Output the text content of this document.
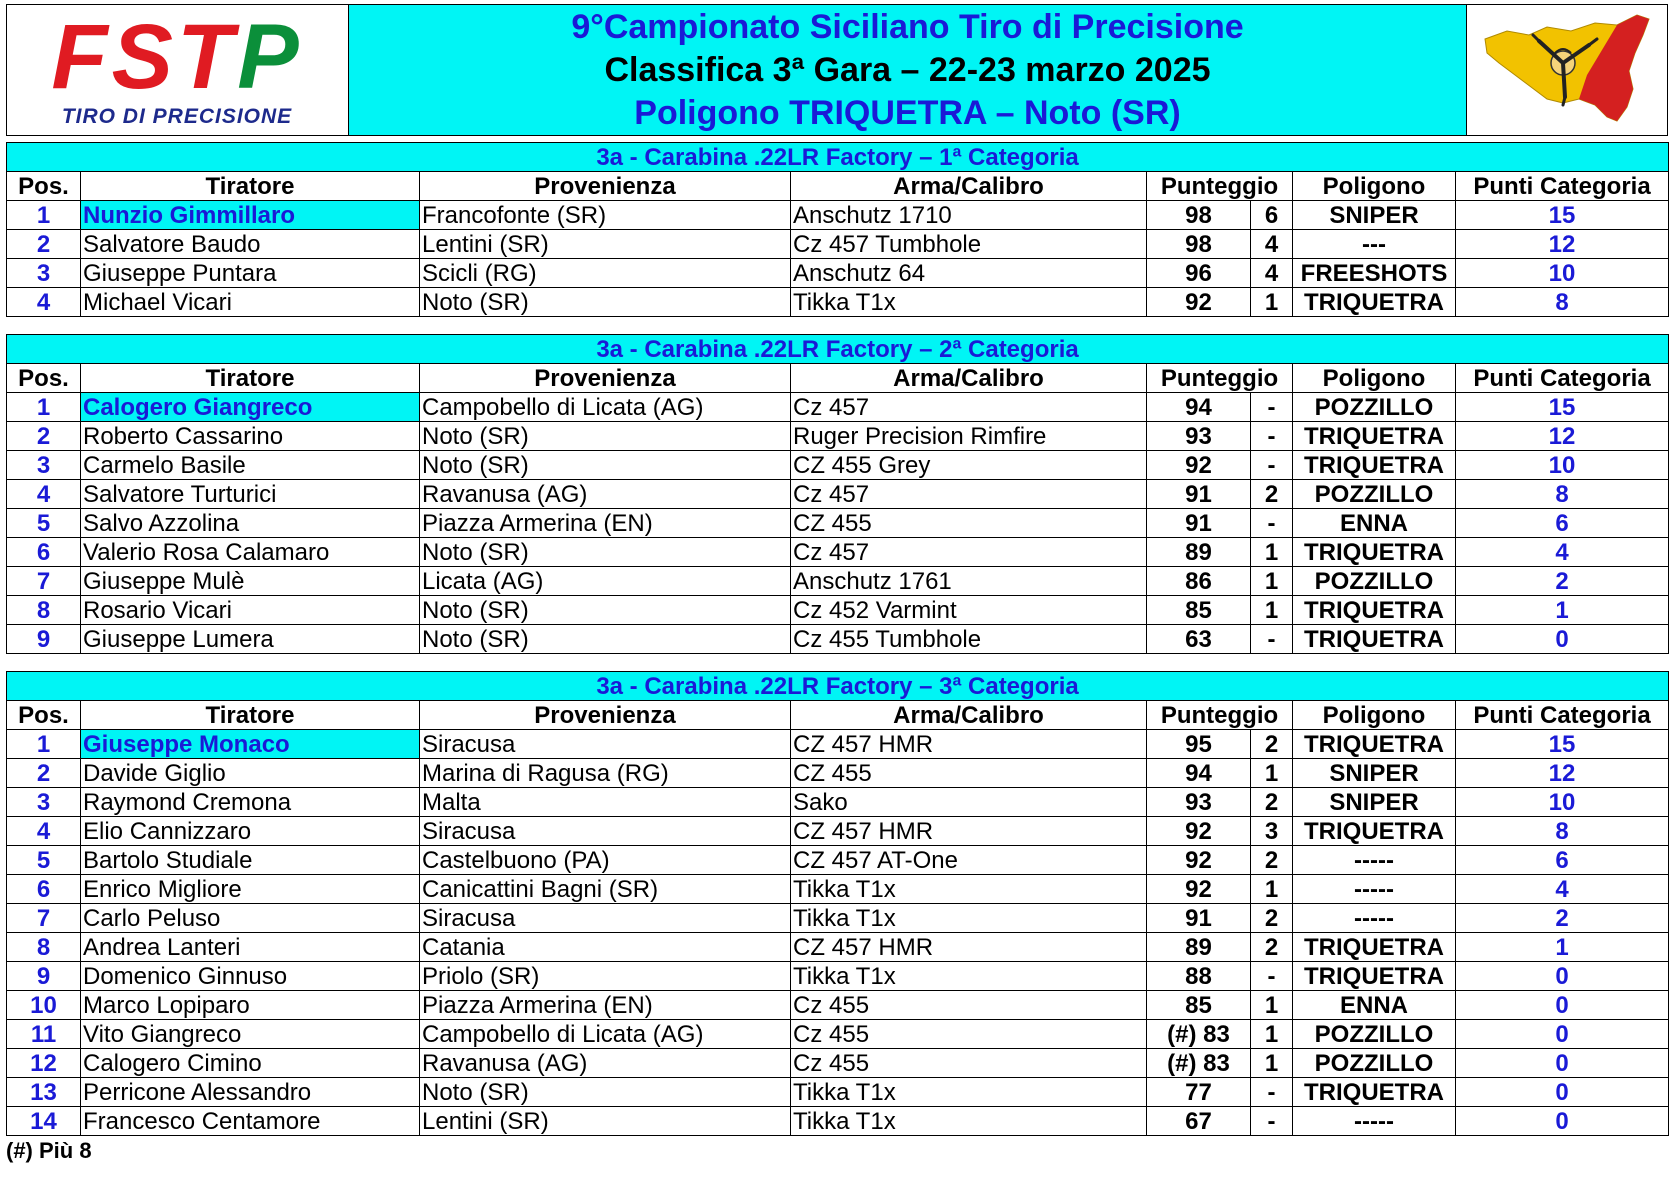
FSTP
TIRO DI PRECISIONE
9°Campionato Siciliano Tiro di Precisione
Classifica 3ª Gara – 22-23 marzo 2025
Poligono TRIQUETRA – Noto (SR)
3a - Carabina .22LR Factory – 1ª Categoria							
Pos.	Tiratore	Provenienza	Arma/Calibro	Punteggio		Poligono	Punti Categoria
1	Nunzio Gimmillaro	Francofonte (SR)	Anschutz 1710	98	6	SNIPER	15
2	Salvatore Baudo	Lentini (SR)	Cz 457 Tumbhole	98	4	---	12
3	Giuseppe Puntara	Scicli (RG)	Anschutz 64	96	4	FREESHOTS	10
4	Michael Vicari	Noto (SR)	Tikka T1x	92	1	TRIQUETRA	8
3a - Carabina .22LR Factory – 2ª Categoria							
Pos.	Tiratore	Provenienza	Arma/Calibro	Punteggio		Poligono	Punti Categoria
1	Calogero Giangreco	Campobello di Licata (AG)	Cz 457	94	-	POZZILLO	15
2	Roberto Cassarino	Noto (SR)	Ruger Precision Rimfire	93	-	TRIQUETRA	12
3	Carmelo Basile	Noto (SR)	CZ 455 Grey	92	-	TRIQUETRA	10
4	Salvatore Turturici	Ravanusa (AG)	Cz 457	91	2	POZZILLO	8
5	Salvo Azzolina	Piazza Armerina (EN)	CZ 455	91	-	ENNA	6
6	Valerio Rosa Calamaro	Noto (SR)	Cz 457	89	1	TRIQUETRA	4
7	Giuseppe Mulè	Licata (AG)	Anschutz 1761	86	1	POZZILLO	2
8	Rosario Vicari	Noto (SR)	Cz 452 Varmint	85	1	TRIQUETRA	1
9	Giuseppe Lumera	Noto (SR)	Cz 455 Tumbhole	63	-	TRIQUETRA	0
3a - Carabina .22LR Factory – 3ª Categoria							
Pos.	Tiratore	Provenienza	Arma/Calibro	Punteggio		Poligono	Punti Categoria
1	Giuseppe Monaco	Siracusa	CZ 457 HMR	95	2	TRIQUETRA	15
2	Davide Giglio	Marina di Ragusa (RG)	CZ 455	94	1	SNIPER	12
3	Raymond Cremona	Malta	Sako	93	2	SNIPER	10
4	Elio Cannizzaro	Siracusa	CZ 457 HMR	92	3	TRIQUETRA	8
5	Bartolo Studiale	Castelbuono (PA)	CZ 457 AT-One	92	2	-----	6
6	Enrico Migliore	Canicattini Bagni (SR)	Tikka T1x	92	1	-----	4
7	Carlo Peluso	Siracusa	Tikka T1x	91	2	-----	2
8	Andrea Lanteri	Catania	CZ 457 HMR	89	2	TRIQUETRA	1
9	Domenico Ginnuso	Priolo (SR)	Tikka T1x	88	-	TRIQUETRA	0
10	Marco Lopiparo	Piazza Armerina (EN)	Cz 455	85	1	ENNA	0
11	Vito Giangreco	Campobello di Licata (AG)	Cz 455	(#) 83	1	POZZILLO	0
12	Calogero Cimino	Ravanusa (AG)	Cz 455	(#) 83	1	POZZILLO	0
13	Perricone Alessandro	Noto (SR)	Tikka T1x	77	-	TRIQUETRA	0
14	Francesco Centamore	Lentini (SR)	Tikka T1x	67	-	-----	0
(#) Più 8
